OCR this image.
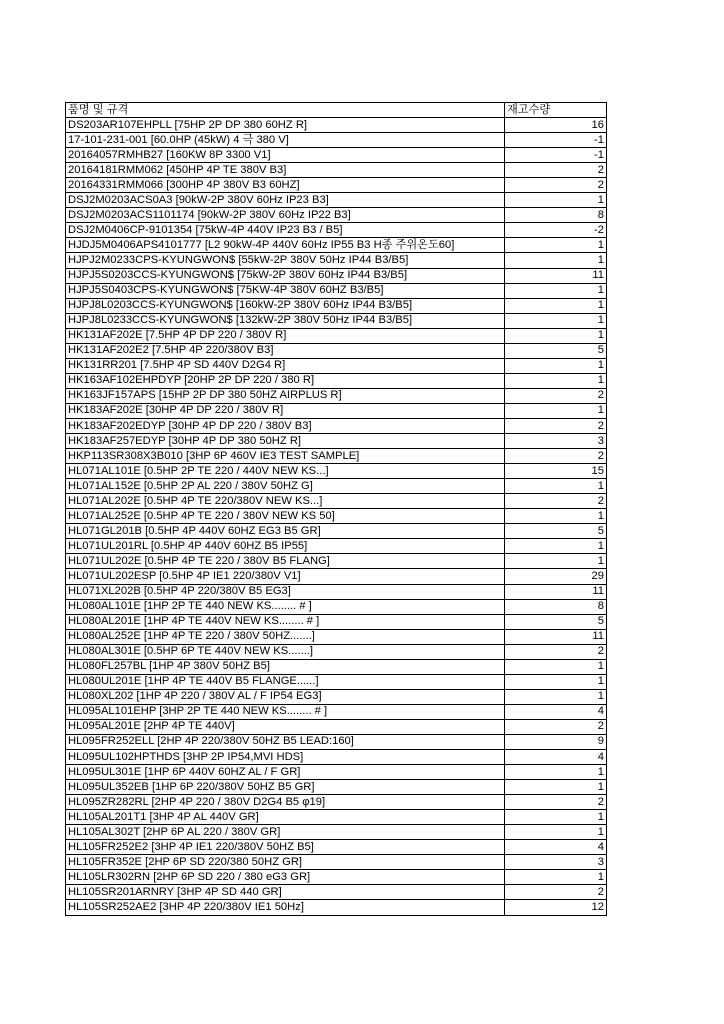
품명 및 규격	재고수량
DS203AR107EHPLL [75HP 2P DP 380 60HZ R]	16
17-101-231-001 [60.0HP (45kW) 4 극 380 V]	-1
20164057RMHB27 [160KW 8P 3300 V1]	-1
20164181RMM062 [450HP 4P TE 380V B3]	2
20164331RMM066 [300HP 4P 380V B3 60HZ]	2
DSJ2M0203ACS0A3 [90kW-2P 380V 60Hz IP23 B3]	1
DSJ2M0203ACS1101174 [90kW-2P 380V 60Hz IP22 B3]	8
DSJ2M0406CP-9101354 [75kW-4P 440V IP23 B3 / B5]	-2
HJDJ5M0406APS4101777 [L2 90kW-4P 440V 60Hz IP55 B3 H종 주위온도60]	1
HJPJ2M0233CPS-KYUNGWON$ [55kW-2P 380V 50Hz IP44 B3/B5]	1
HJPJ5S0203CCS-KYUNGWON$ [75kW-2P 380V 60Hz IP44 B3/B5]	11
HJPJ5S0403CPS-KYUNGWON$ [75KW-4P 380V 60HZ B3/B5]	1
HJPJ8L0203CCS-KYUNGWON$ [160kW-2P 380V 60Hz IP44 B3/B5]	1
HJPJ8L0233CCS-KYUNGWON$ [132kW-2P 380V 50Hz IP44 B3/B5]	1
HK131AF202E [7.5HP 4P DP 220 / 380V R]	1
HK131AF202E2 [7.5HP 4P 220/380V B3]	5
HK131RR201 [7.5HP 4P SD 440V D2G4 R]	1
HK163AF102EHPDYP [20HP 2P DP 220 / 380 R]	1
HK163JF157APS [15HP 2P DP 380 50HZ AIRPLUS R]	2
HK183AF202E [30HP 4P DP 220 / 380V R]	1
HK183AF202EDYP [30HP 4P DP 220 / 380V B3]	2
HK183AF257EDYP [30HP 4P DP 380 50HZ R]	3
HKP113SR308X3B010 [3HP 6P 460V IE3 TEST SAMPLE]	2
HL071AL101E [0.5HP 2P TE 220 / 440V NEW KS...]	15
HL071AL152E [0.5HP 2P AL 220 / 380V 50HZ G]	1
HL071AL202E [0.5HP 4P TE 220/380V NEW KS...]	2
HL071AL252E [0.5HP 4P TE 220 / 380V NEW KS 50]	1
HL071GL201B [0.5HP 4P 440V 60HZ EG3 B5 GR]	5
HL071UL201RL [0.5HP 4P 440V 60HZ B5 IP55]	1
HL071UL202E [0.5HP 4P TE 220 / 380V B5 FLANG]	1
HL071UL202ESP [0.5HP 4P IE1 220/380V V1]	29
HL071XL202B [0.5HP 4P 220/380V B5 EG3]	11
HL080AL101E [1HP 2P TE 440 NEW KS........ # ]	8
HL080AL201E [1HP 4P TE 440V NEW KS........ # ]	5
HL080AL252E [1HP 4P TE 220 / 380V 50HZ.......]	11
HL080AL301E [0.5HP 6P TE 440V NEW KS.......]	2
HL080FL257BL [1HP 4P 380V 50HZ B5]	1
HL080UL201E [1HP 4P TE 440V B5 FLANGE......]	1
HL080XL202 [1HP 4P 220 / 380V AL / F IP54 EG3]	1
HL095AL101EHP [3HP 2P TE 440 NEW KS........ # ]	4
HL095AL201E [2HP 4P TE 440V]	2
HL095FR252ELL [2HP 4P 220/380V 50HZ B5 LEAD:160]	9
HL095UL102HPTHDS [3HP 2P IP54,MVI HDS]	4
HL095UL301E [1HP 6P 440V 60HZ AL / F GR]	1
HL095UL352EB [1HP 6P 220/380V 50HZ B5 GR]	1
HL095ZR282RL [2HP 4P 220 / 380V D2G4 B5 φ19]	2
HL105AL201T1 [3HP 4P AL 440V GR]	1
HL105AL302T [2HP 6P AL 220 / 380V GR]	1
HL105FR252E2 [3HP 4P IE1 220/380V 50HZ B5]	4
HL105FR352E [2HP 6P SD 220/380 50HZ GR]	3
HL105LR302RN [2HP 6P SD 220 / 380 eG3 GR]	1
HL105SR201ARNRY [3HP 4P SD 440 GR]	2
HL105SR252AE2 [3HP 4P 220/380V IE1 50Hz]	12
